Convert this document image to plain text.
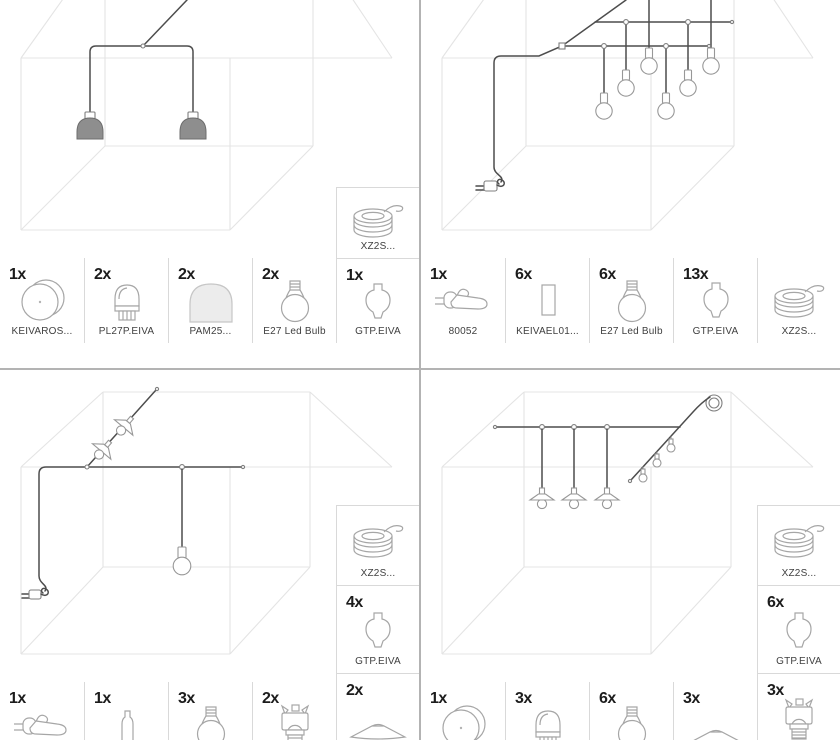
1x
KEIVAROS...
2x
PL27P.EIVA
2x
PAM25...
2x
E27 Led Bulb
XZ2S...
1x
GTP.EIVA
1x
80052
6x
KEIVAEL01...
6x
E27 Led Bulb
13x
GTP.EIVA	XZ2S...
1x	1x	3x	2x
XZ2S...
4x
GTP.EIVA
2x	1x	3x	6x	3x
XZ2S...
6x
GTP.EIVA
3x
